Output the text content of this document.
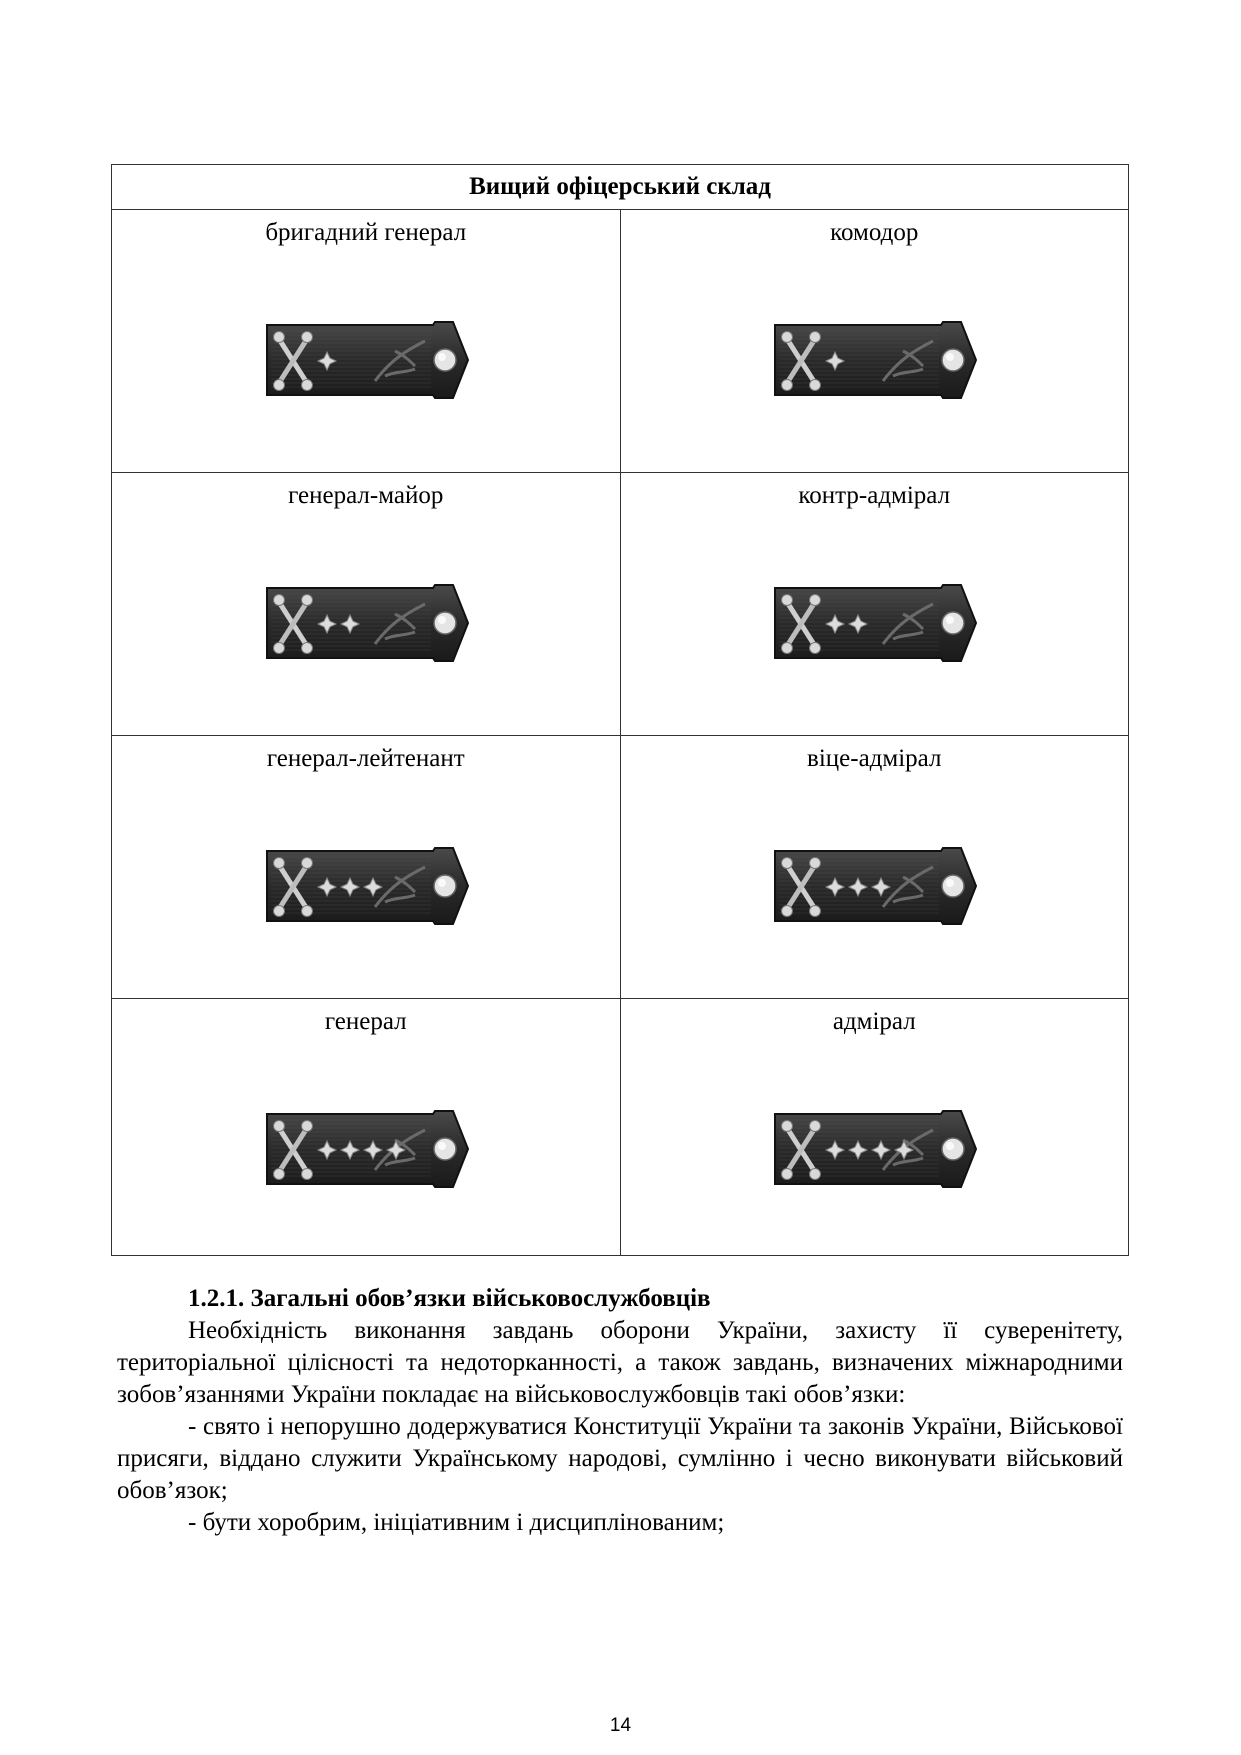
Вищий офіцерський склад	

бригадний генерал	комодор

генерал-майор	контр-адмірал

генерал-лейтенант	віце-адмірал

генерал	адмірал

1.2.1. Загальні обов’язки військовослужбовців

Необхідність виконання завдань оборони України, захисту її суверенітету, територіальної цілісності та недоторканності, а також завдань, визначених міжнародними зобов’язаннями України покладає на військовослужбовців такі обов’язки:

- свято і непорушно додержуватися Конституції України та законів України, Військової присяги, віддано служити Українському народові, сумлінно і чесно виконувати військовий обов’язок;

- бути хоробрим, ініціативним і дисциплінованим;

14
